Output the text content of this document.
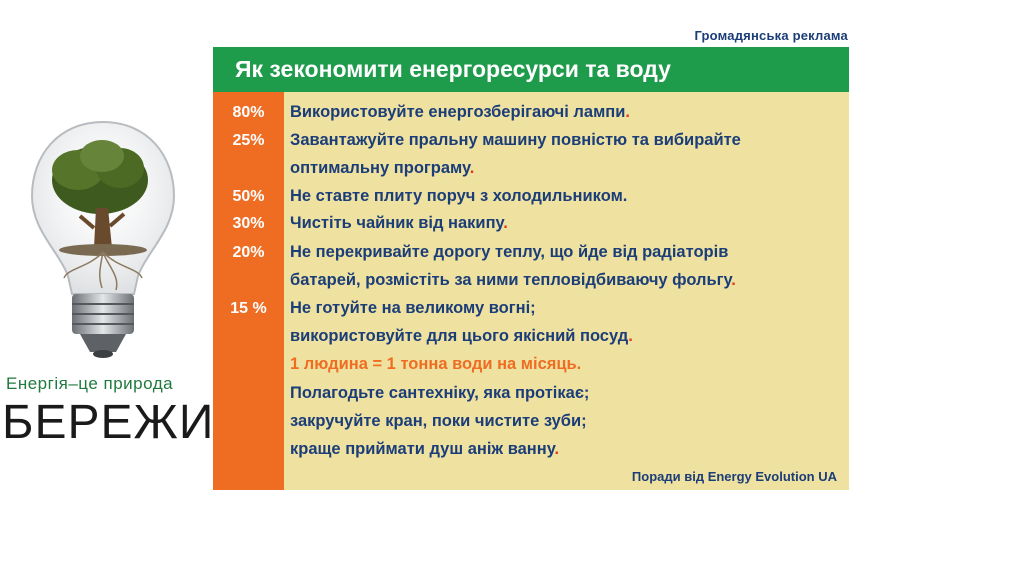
Громадянська реклама
Як зекономити енергоресурси та воду
80%	Використовуйте енергозберігаючі лампи.
25%	Завантажуйте пральну машину повністю та вибирайте
оптимальну програму.
50%	Не ставте плиту поруч з холодильником.
30%	Чистіть чайник від накипу.
20%	Не перекривайте дорогу теплу, що йде від радіаторів
батарей, розмістіть за ними тепловідбиваючу фольгу.
15 %	Не готуйте на великому вогні;
використовуйте для цього якісний посуд.
1 людина = 1 тонна води на місяць.
Полагодьте сантехніку, яка протікає;
закручуйте кран, поки чистите зуби;
краще приймати душ аніж ванну.
Поради від Energy Evolution UA
Енергія–це природа
БЕРЕЖИ
